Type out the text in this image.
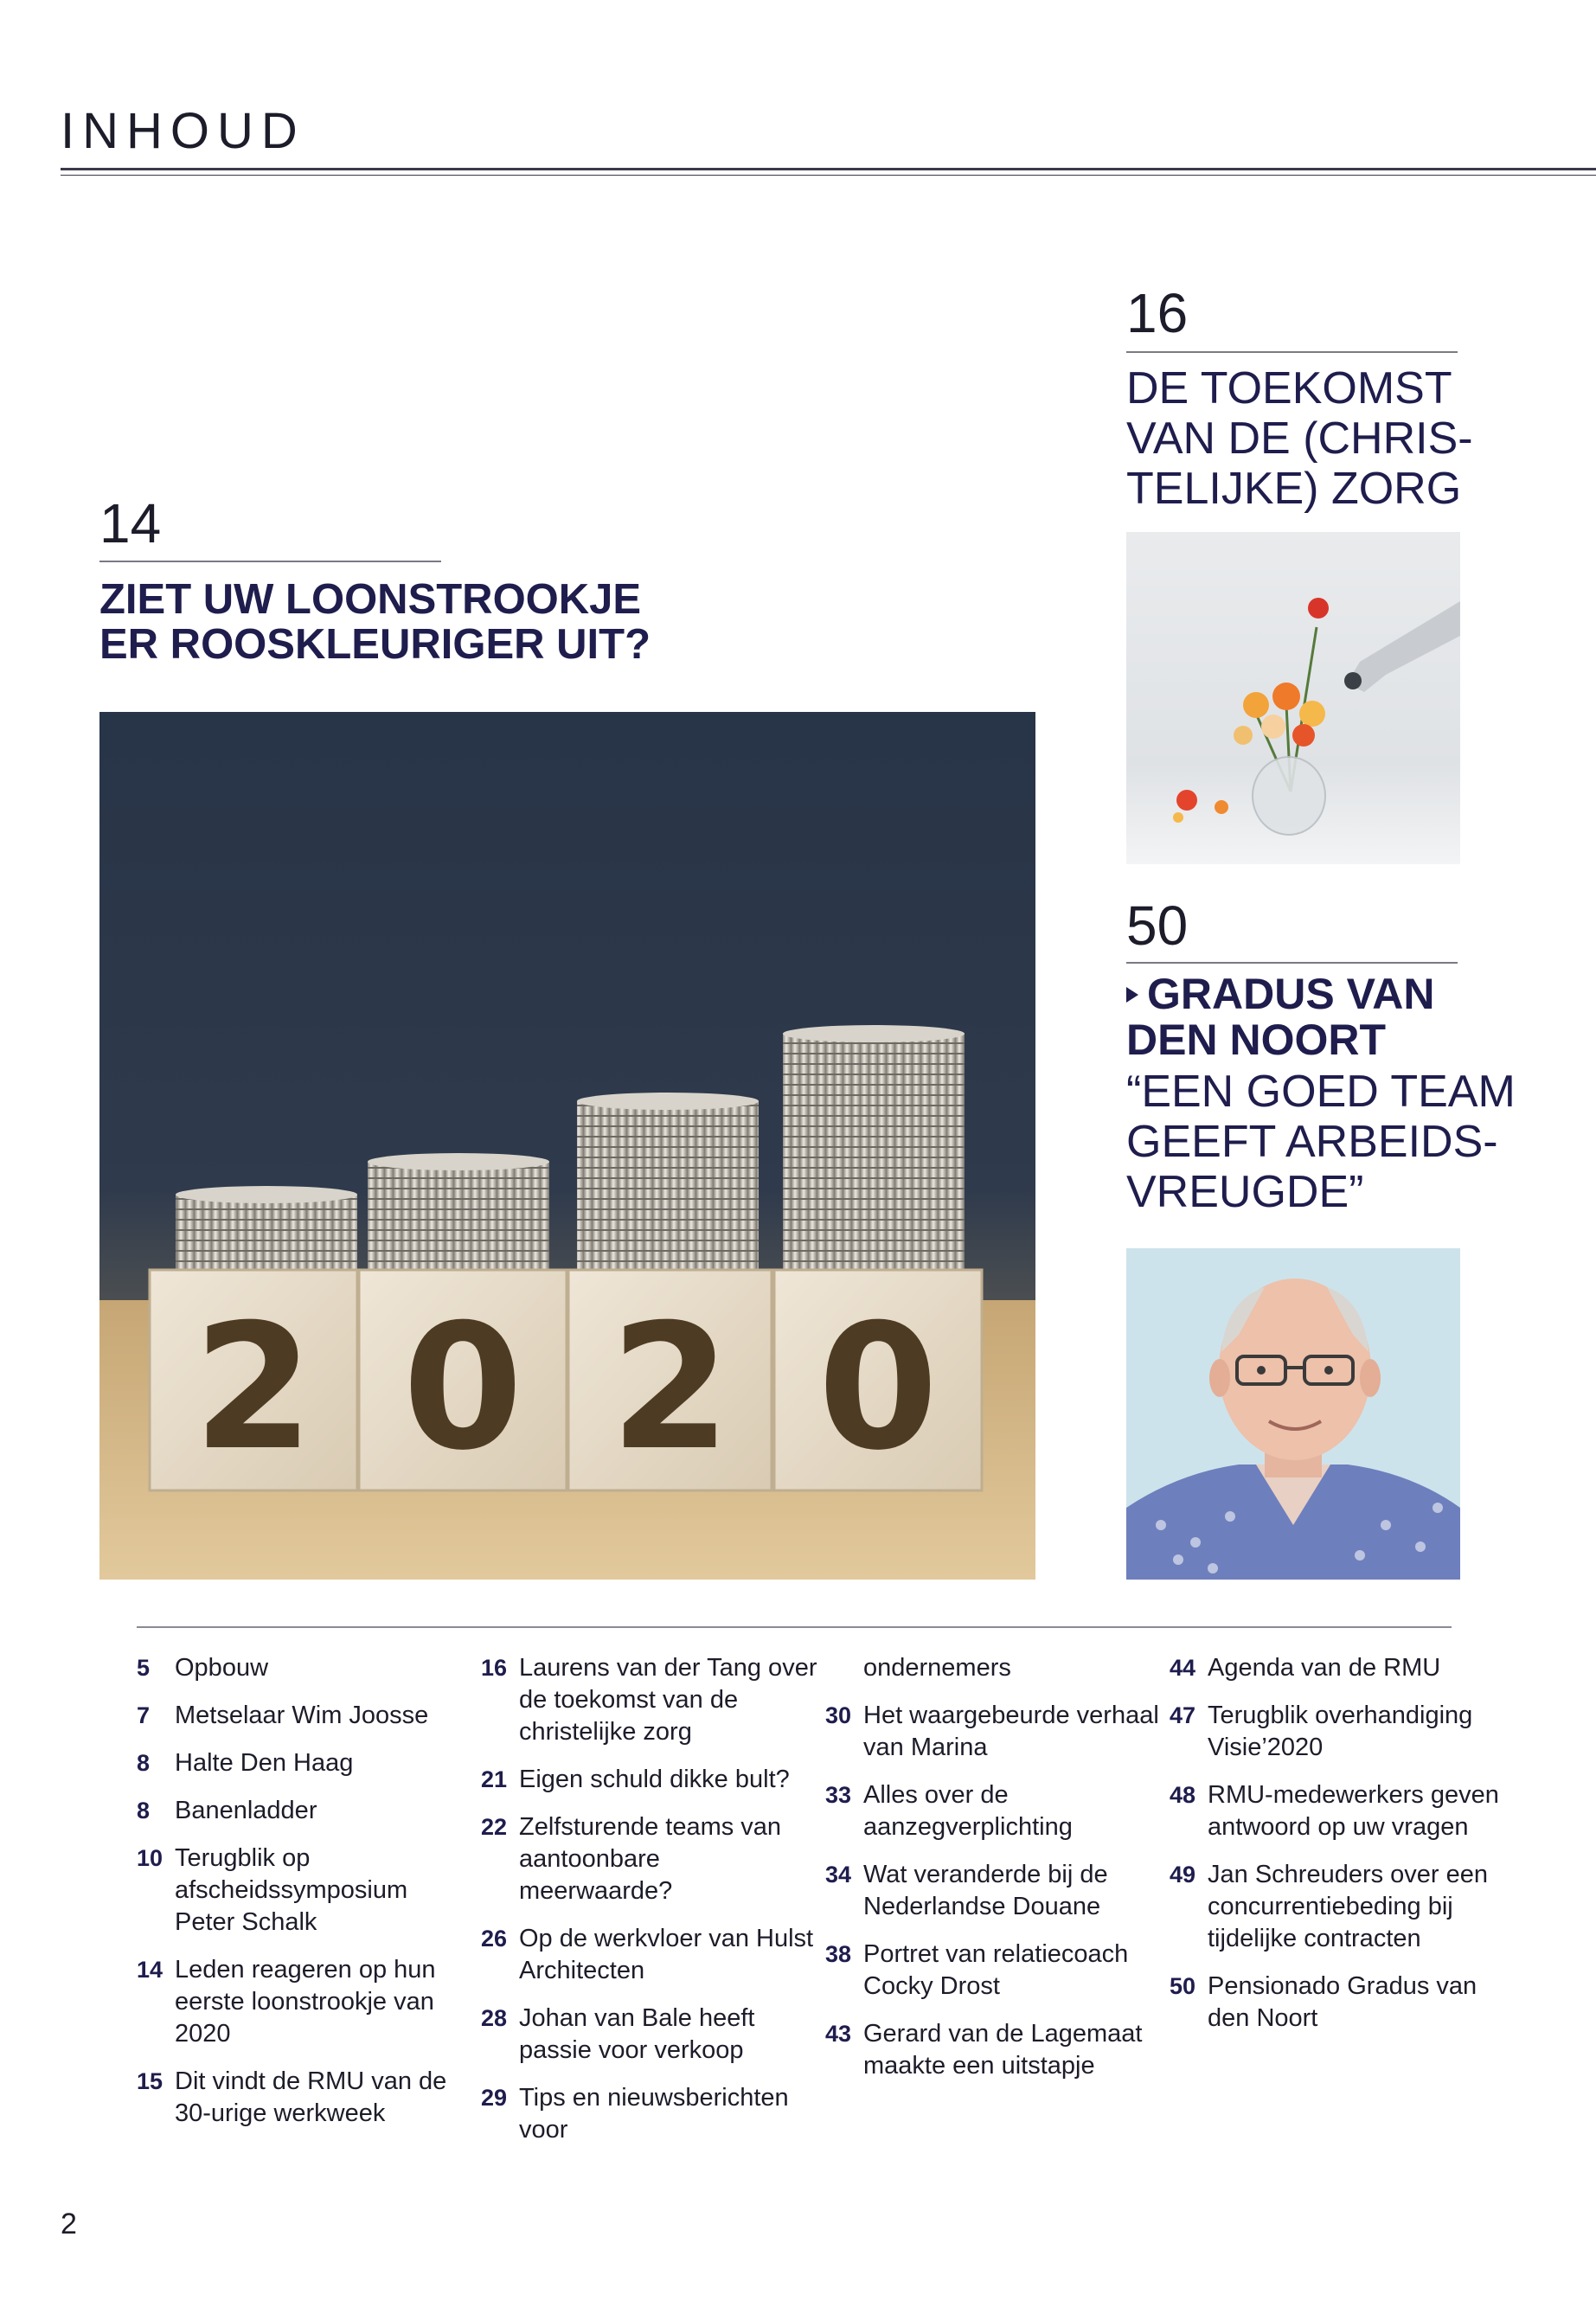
INHOUD
14
ZIET UW LOONSTROOKJE
ER ROOSKLEURIGER UIT?
2 0 2 0
16
DE TOEKOMST
VAN DE (CHRIS-
TELIJKE) ZORG
50
GRADUS VAN
DEN NOORT
“EEN GOED TEAM
GEEFT ARBEIDS-
VREUGDE”
5 Opbouw
7 Metselaar Wim Joosse
8 Halte Den Haag
8 Banenladder
10 Terugblik op afscheidssymposium Peter Schalk
14 Leden reageren op hun eerste loonstrookje van 2020
15 Dit vindt de RMU van de 30-urige werkweek
16 Laurens van der Tang over de toekomst van de christelijke zorg
21 Eigen schuld dikke bult?
22 Zelfsturende teams van aantoonbare meerwaarde?
26 Op de werkvloer van Hulst Architecten
28 Johan van Bale heeft passie voor verkoop
29 Tips en nieuwsberichten voor
ondernemers
30 Het waargebeurde verhaal van Marina
33 Alles over de aanzegverplichting
34 Wat veranderde bij de Nederlandse Douane
38 Portret van relatiecoach Cocky Drost
43 Gerard van de Lagemaat maakte een uitstapje
44 Agenda van de RMU
47 Terugblik overhandiging Visie’2020
48 RMU-medewerkers geven antwoord op uw vragen
49 Jan Schreuders over een concurrentiebeding bij tijdelijke contracten
50 Pensionado Gradus van den Noort
2
